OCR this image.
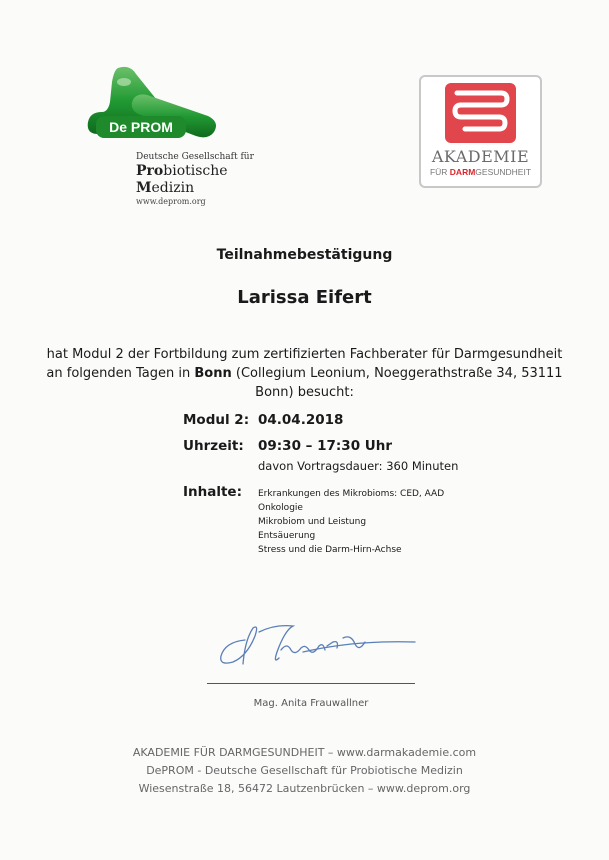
De PROM
Deutsche Gesellschaft für
Probiotische Medizin
www.deprom.org
AKADEMIE
FÜR DARMGESUNDHEIT
Teilnahmebestätigung
Larissa Eifert
hat Modul 2 der Fortbildung zum zertifizierten Fachberater für Darmgesundheit
an folgenden Tagen in Bonn (Collegium Leonium, Noeggerathstraße 34, 53111
Bonn) besucht:
Modul 2: 04.04.2018
Uhrzeit: 09:30 – 17:30 Uhr
davon Vortragsdauer: 360 Minuten
Inhalte: Erkrankungen des Mikrobioms: CED, AAD
Onkologie
Mikrobiom und Leistung
Entsäuerung
Stress und die Darm-Hirn-Achse
Mag. Anita Frauwallner
AKADEMIE FÜR DARMGESUNDHEIT – www.darmakademie.com
DePROM - Deutsche Gesellschaft für Probiotische Medizin
Wiesenstraße 18, 56472 Lautzenbrücken – www.deprom.org
